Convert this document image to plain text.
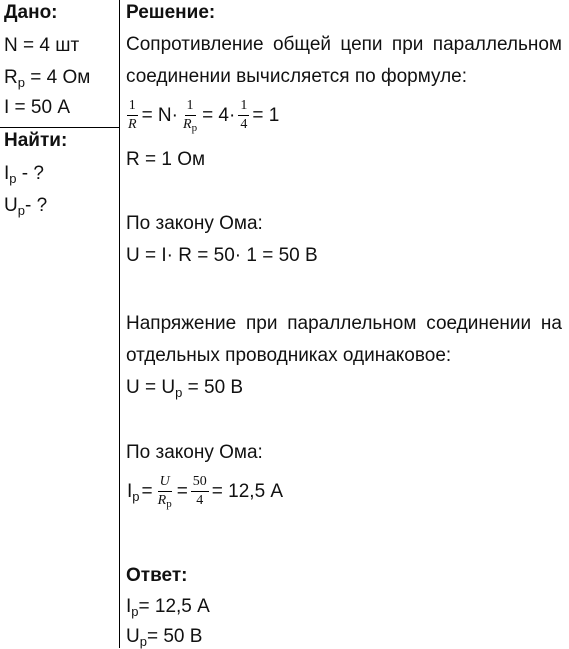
Дано:
N = 4 шт
$R_p = 4$ Ом
I = 50 А
Найти:
$I_p$ - ?
$U_p-$ ?
Решение:
Сопротивление общей цепи при параллельном
соединении вычисляется по формуле:
$\frac{1}{R} = N\cdot \frac{1}{R_p} = 4\cdot \frac{1}{4} = 1$
R = 1 Ом
По закону Ома:
U = I· R = 50· 1 = 50 В
Напряжение при параллельном соединении на
отдельных проводниках одинаковое:
$U = U_p = 50$ В
По закону Ома:
$I_p = \frac{U}{R_p} = \frac{50}{4} = 12,5$ А
Ответ:
$I_p= 12,5$ А
$U_p= 50$ В
